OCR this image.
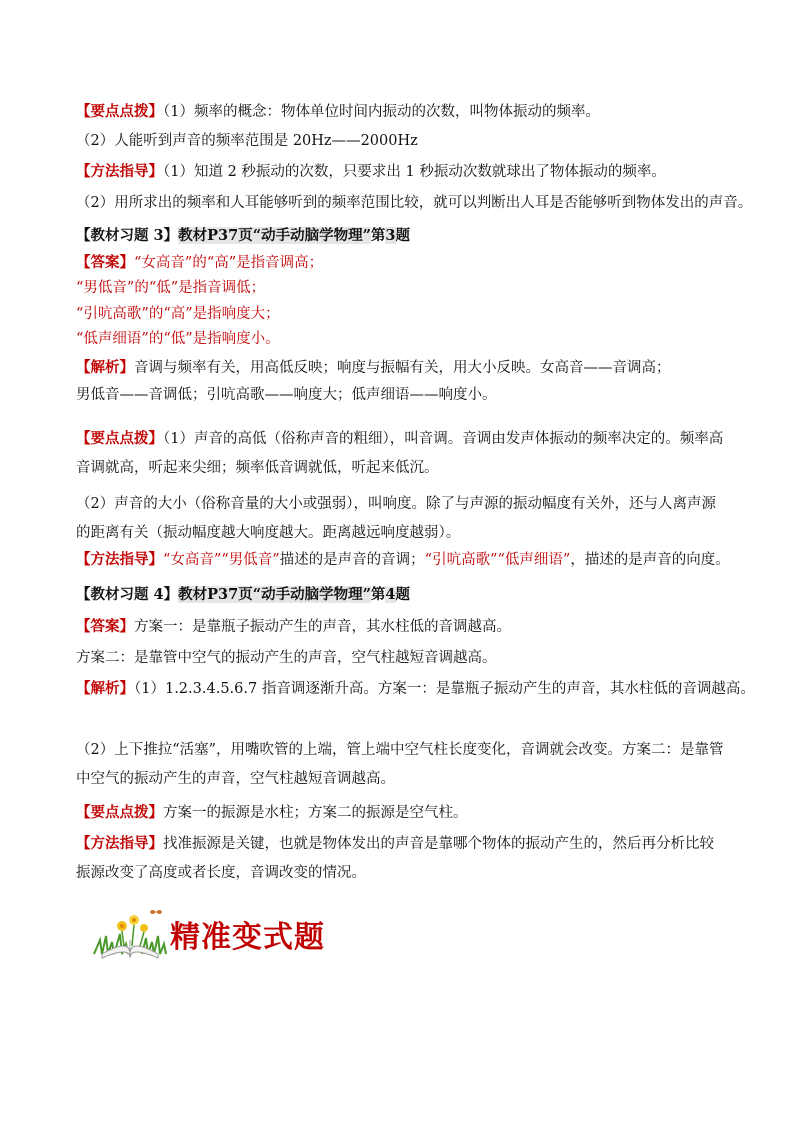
【要点点拨】（1）频率的概念：物体单位时间内振动的次数，叫物体振动的频率。
（2）人能听到声音的频率范围是 20Hz——2000Hz
【方法指导】（1）知道 2 秒振动的次数，只要求出 1 秒振动次数就球出了物体振动的频率。
（2）用所求出的频率和人耳能够听到的频率范围比较，就可以判断出人耳是否能够听到物体发出的声音。
【教材习题 3】教材P37页“动手动脑学物理”第3题
【答案】“女高音”的“高”是指音调高；
“男低音”的“低”是指音调低；
“引吭高歌”的“高”是指响度大；
“低声细语”的“低”是指响度小。
【解析】音调与频率有关，用高低反映；响度与振幅有关，用大小反映。女高音——音调高；
男低音——音调低；引吭高歌——响度大；低声细语——响度小。
【要点点拨】（1）声音的高低（俗称声音的粗细），叫音调。音调由发声体振动的频率决定的。频率高音调就高，听起来尖细；频率低音调就低，听起来低沉。
（2）声音的大小（俗称音量的大小或强弱），叫响度。除了与声源的振动幅度有关外，还与人离声源的距离有关（振动幅度越大响度越大。距离越远响度越弱）。
【方法指导】“女高音”“男低音”描述的是声音的音调；“引吭高歌”“低声细语”，描述的是声音的向度。
【教材习题 4】教材P37页“动手动脑学物理”第4题
【答案】方案一：是靠瓶子振动产生的声音，其水柱低的音调越高。
方案二：是靠管中空气的振动产生的声音，空气柱越短音调越高。
【解析】（1）1.2.3.4.5.6.7 指音调逐渐升高。方案一：是靠瓶子振动产生的声音，其水柱低的音调越高。
（2）上下推拉“活塞”，用嘴吹管的上端，管上端中空气柱长度变化，音调就会改变。方案二：是靠管中空气的振动产生的声音，空气柱越短音调越高。
【要点点拨】方案一的振源是水柱；方案二的振源是空气柱。
【方法指导】找准振源是关键，也就是物体发出的声音是靠哪个物体的振动产生的，然后再分析比较振源改变了高度或者长度，音调改变的情况。
精准变式题
